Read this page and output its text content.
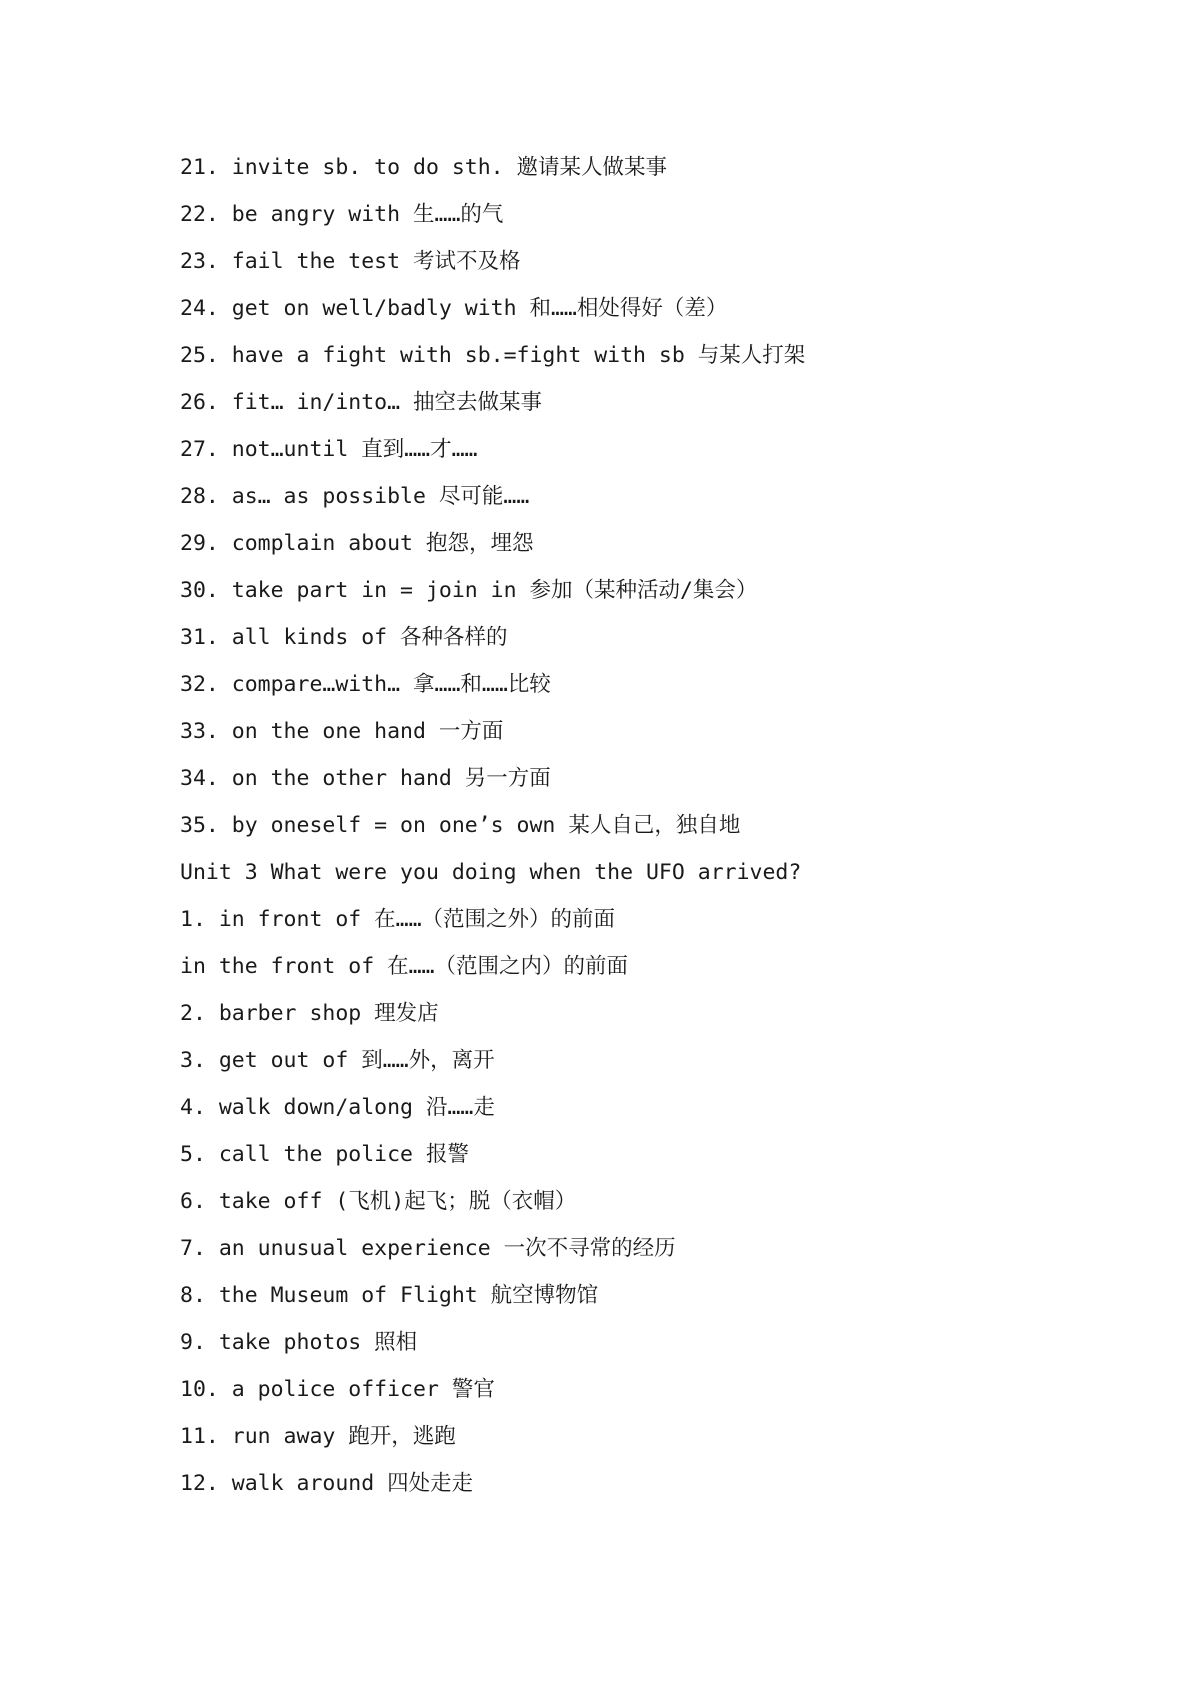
21. invite sb. to do sth. 邀请某人做某事
22. be angry with 生……的气
23. fail the test 考试不及格
24. get on well/badly with 和……相处得好（差）
25. have a fight with sb.=fight with sb 与某人打架
26. fit… in/into… 抽空去做某事
27. not…until 直到……才……
28. as… as possible 尽可能……
29. complain about 抱怨，埋怨
30. take part in = join in 参加（某种活动/集会）
31. all kinds of 各种各样的
32. compare…with… 拿……和……比较
33. on the one hand 一方面
34. on the other hand 另一方面
35. by oneself = on one’s own 某人自己，独自地
Unit 3 What were you doing when the UFO arrived?
1. in front of 在……（范围之外）的前面
in the front of 在……（范围之内）的前面
2. barber shop 理发店
3. get out of 到……外，离开
4. walk down/along 沿……走
5. call the police 报警
6. take off (飞机)起飞；脱（衣帽）
7. an unusual experience 一次不寻常的经历
8. the Museum of Flight 航空博物馆
9. take photos 照相
10. a police officer 警官
11. run away 跑开，逃跑
12. walk around 四处走走
